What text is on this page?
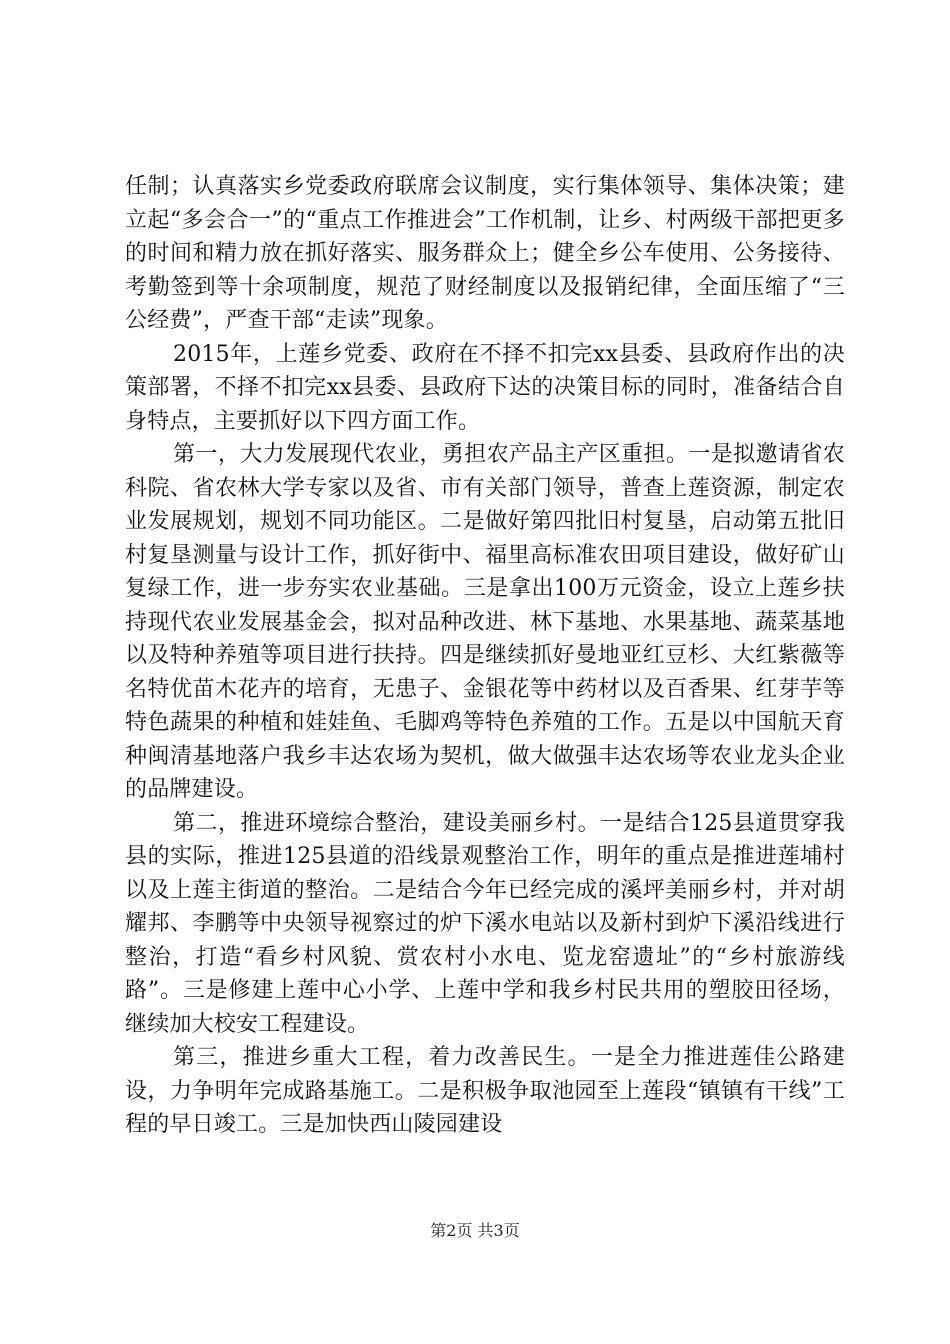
任制；认真落实乡党委政府联席会议制度，实行集体领导、集体决策；建立起“多会合一”的“重点工作推进会”工作机制，让乡、村两级干部把更多的时间和精力放在抓好落实、服务群众上；健全乡公车使用、公务接待、考勤签到等十余项制度，规范了财经制度以及报销纪律，全面压缩了“三公经费”，严查干部“走读”现象。

2015年，上莲乡党委、政府在不择不扣完xx县委、县政府作出的决策部署，不择不扣完xx县委、县政府下达的决策目标的同时，准备结合自身特点，主要抓好以下四方面工作。

第一，大力发展现代农业，勇担农产品主产区重担。一是拟邀请省农科院、省农林大学专家以及省、市有关部门领导，普查上莲资源，制定农业发展规划，规划不同功能区。二是做好第四批旧村复垦，启动第五批旧村复垦测量与设计工作，抓好街中、福里高标准农田项目建设，做好矿山复绿工作，进一步夯实农业基础。三是拿出100万元资金，设立上莲乡扶持现代农业发展基金会，拟对品种改进、林下基地、水果基地、蔬菜基地以及特种养殖等项目进行扶持。四是继续抓好曼地亚红豆杉、大红紫薇等名特优苗木花卉的培育，无患子、金银花等中药材以及百香果、红芽芋等特色蔬果的种植和娃娃鱼、毛脚鸡等特色养殖的工作。五是以中国航天育种闽清基地落户我乡丰达农场为契机，做大做强丰达农场等农业龙头企业的品牌建设。

第二，推进环境综合整治，建设美丽乡村。一是结合125县道贯穿我县的实际，推进125县道的沿线景观整治工作，明年的重点是推进莲埔村以及上莲主街道的整治。二是结合今年已经完成的溪坪美丽乡村，并对胡耀邦、李鹏等中央领导视察过的炉下溪水电站以及新村到炉下溪沿线进行整治，打造“看乡村风貌、赏农村小水电、览龙窑遗址”的“乡村旅游线路”。三是修建上莲中心小学、上莲中学和我乡村民共用的塑胶田径场，继续加大校安工程建设。

第三，推进乡重大工程，着力改善民生。一是全力推进莲佳公路建设，力争明年完成路基施工。二是积极争取池园至上莲段“镇镇有干线”工程的早日竣工。三是加快西山陵园建设

第2页 共3页
